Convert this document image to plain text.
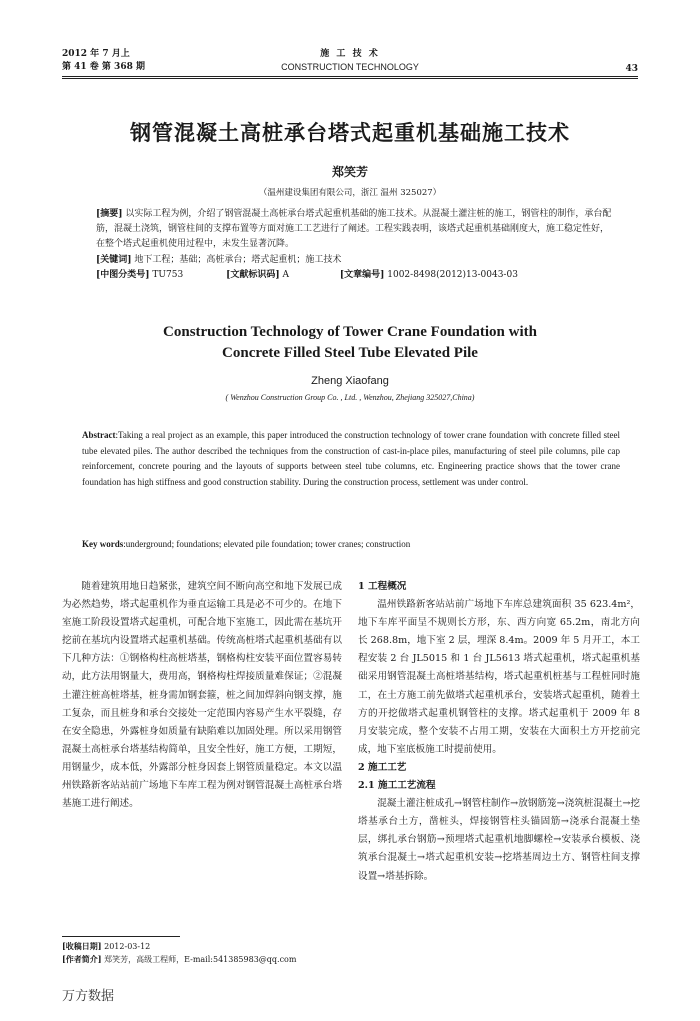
2012 年 7 月上
第 41 卷 第 368 期
施 工 技 术
CONSTRUCTION TECHNOLOGY	43
钢管混凝土高桩承台塔式起重机基础施工技术
郑笑芳
（温州建设集团有限公司，浙江 温州 325027）
[摘要] 以实际工程为例，介绍了钢管混凝土高桩承台塔式起重机基础的施工技术。从混凝土灌注桩的施工，钢管柱的制作，承台配筋，混凝土浇筑，钢管柱间的支撑布置等方面对施工工艺进行了阐述。工程实践表明，该塔式起重机基础刚度大，施工稳定性好，在整个塔式起重机使用过程中，未发生显著沉降。
[关键词] 地下工程；基础；高桩承台；塔式起重机；施工技术
[中图分类号] TU753	[文献标识码] A	[文章编号] 1002-8498(2012)13-0043-03
Construction Technology of Tower Crane Foundation with
Concrete Filled Steel Tube Elevated Pile
Zheng Xiaofang
( Wenzhou Construction Group Co. , Ltd. , Wenzhou, Zhejiang 325027,China)
Abstract:Taking a real project as an example, this paper introduced the construction technology of tower crane foundation with concrete filled steel tube elevated piles. The author described the techniques from the construction of cast-in-place piles, manufacturing of steel pile columns, pile cap reinforcement, concrete pouring and the layouts of supports between steel tube columns, etc. Engineering practice shows that the tower crane foundation has high stiffness and good construction stability. During the construction process, settlement was under control.
Key words:underground; foundations; elevated pile foundation; tower cranes; construction

随着建筑用地日趋紧张，建筑空间不断向高空和地下发展已成为必然趋势，塔式起重机作为垂直运输工具是必不可少的。在地下室施工阶段设置塔式起重机，可配合地下室施工，因此需在基坑开挖前在基坑内设置塔式起重机基础。传统高桩塔式起重机基础有以下几种方法：①钢格构柱高桩塔基，钢格构柱安装平面位置容易转动，此方法用钢量大，费用高，钢格构柱焊接质量难保证；②混凝土灌注桩高桩塔基，桩身需加钢套箍，桩之间加焊斜向钢支撑，施工复杂，而且桩身和承台交接处一定范围内容易产生水平裂缝，存在安全隐患，外露桩身如质量有缺陷难以加固处理。所以采用钢管混凝土高桩承台塔基结构简单，且安全性好，施工方便，工期短，用钢量少，成本低，外露部分桩身因套上钢管质量稳定。本文以温州铁路新客站站前广场地下车库工程为例对钢管混凝土高桩承台塔基施工进行阐述。

1 工程概况

温州铁路新客站站前广场地下车库总建筑面积 35 623.4m²，地下车库平面呈不规则长方形，东、西方向宽 65.2m，南北方向长 268.8m，地下室 2 层，埋深 8.4m。2009 年 5 月开工，本工程安装 2 台 JL5015 和 1 台 JL5613 塔式起重机，塔式起重机基础采用钢管混凝土高桩塔基结构，塔式起重机桩基与工程桩同时施工，在土方施工前先做塔式起重机承台，安装塔式起重机，随着土方的开挖做塔式起重机钢管柱的支撑。塔式起重机于 2009 年 8 月安装完成，整个安装不占用工期，安装在大面积土方开挖前完成，地下室底板施工时提前使用。

2 施工工艺
2.1 施工工艺流程

混凝土灌注桩成孔→钢管柱制作→放钢筋笼→浇筑桩混凝土→挖塔基承台土方，凿桩头，焊接钢管柱头锚固筋→浇承台混凝土垫层，绑扎承台钢筋→预埋塔式起重机地脚螺栓→安装承台模板、浇筑承台混凝土→塔式起重机安装→挖塔基周边土方、钢管柱间支撑设置→塔基拆除。

[收稿日期] 2012-03-12
[作者简介] 郑笑芳，高级工程师，E-mail:541385983@qq.com
万方数据
